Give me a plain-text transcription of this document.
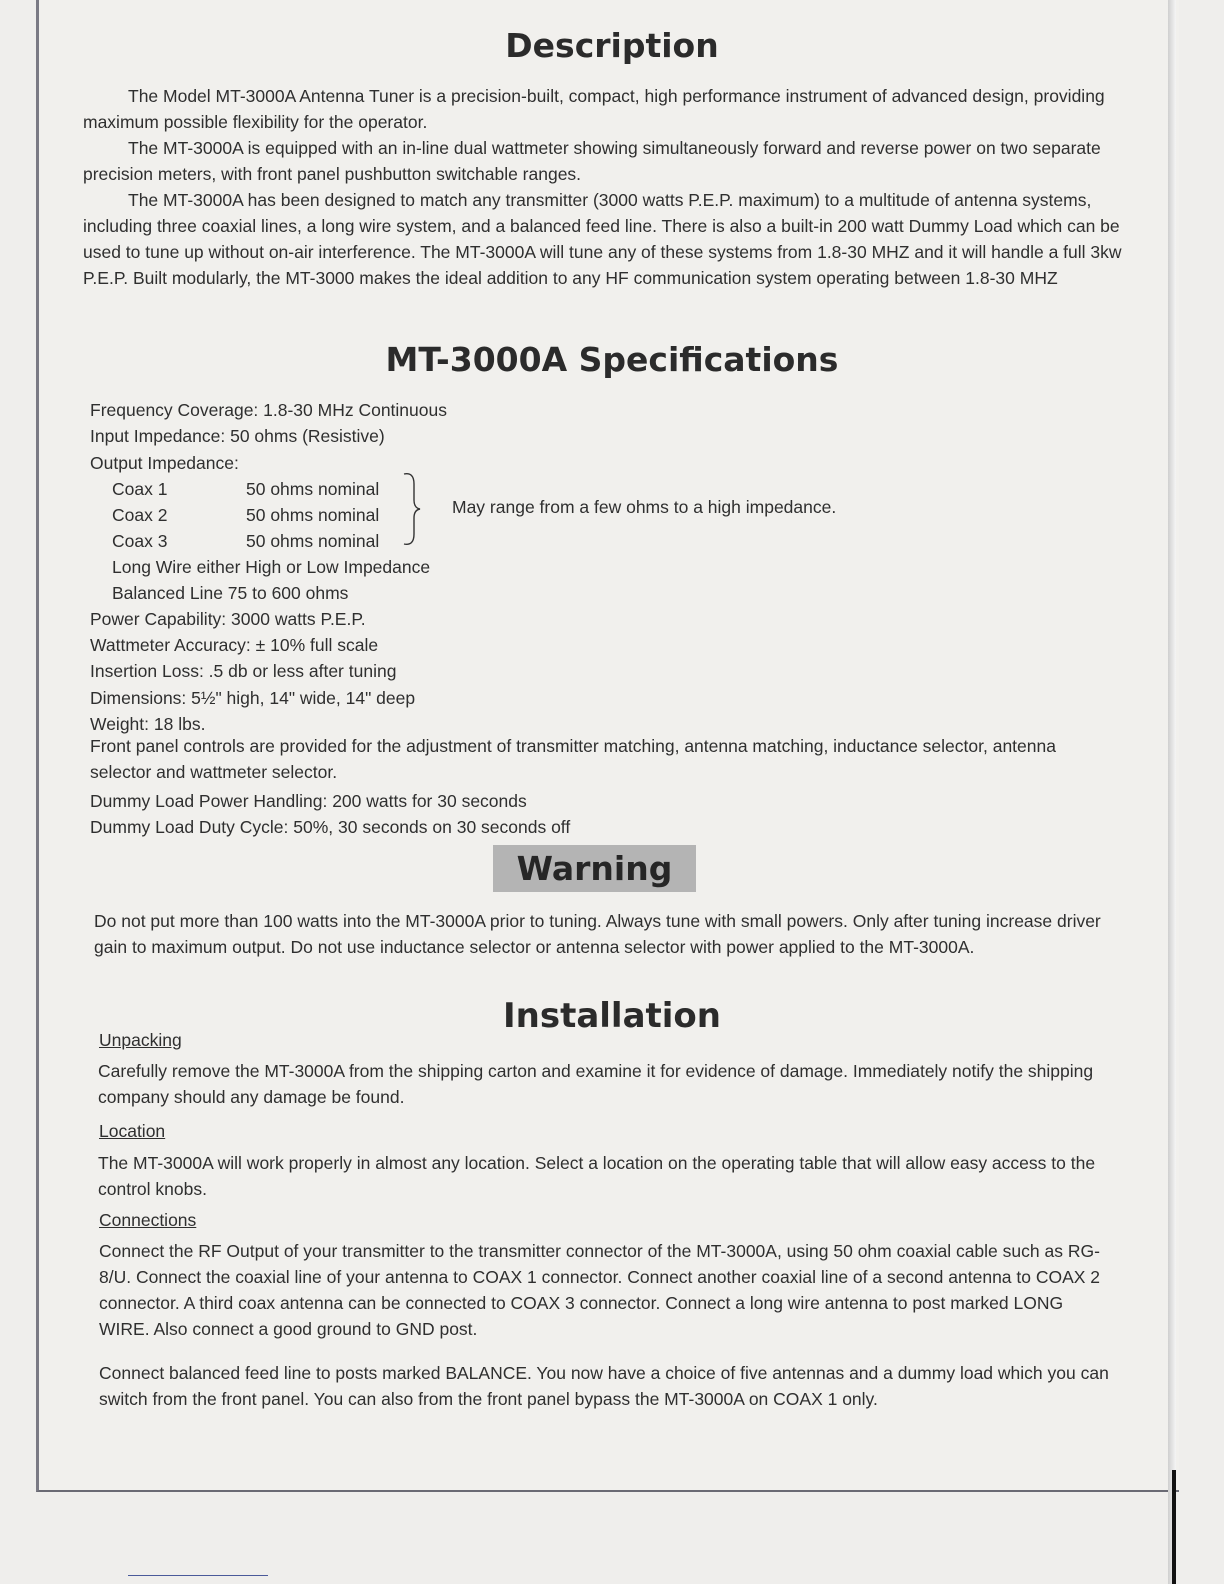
Description

The Model MT-3000A Antenna Tuner is a precision-built, compact, high performance instrument of advanced design, providing maximum possible flexibility for the operator.

The MT-3000A is equipped with an in-line dual wattmeter showing simultaneously forward and reverse power on two separate precision meters, with front panel pushbutton switchable ranges.

The MT-3000A has been designed to match any transmitter (3000 watts P.E.P. maximum) to a multitude of antenna systems, including three coaxial lines, a long wire system, and a balanced feed line. There is also a built-in 200 watt Dummy Load which can be used to tune up without on-air interference. The MT-3000A will tune any of these systems from 1.8-30 MHZ and it will handle a full 3kw P.E.P. Built modularly, the MT-3000 makes the ideal addition to any HF communication system operating between 1.8-30 MHZ

MT-3000A Specifications
Frequency Coverage: 1.8-30 MHz Continuous
Input Impedance: 50 ohms (Resistive)
Output Impedance:
Coax 1	50 ohms nominal
Coax 2	50 ohms nominal
Coax 3	50 ohms nominal
May range from a few ohms to a high impedance.
Long Wire either High or Low Impedance
Balanced Line 75 to 600 ohms
Power Capability: 3000 watts P.E.P.
Wattmeter Accuracy: ± 10% full scale
Insertion Loss: .5 db or less after tuning
Dimensions: 5½" high, 14" wide, 14" deep
Weight: 18 lbs.

Front panel controls are provided for the adjustment of transmitter matching, antenna matching, inductance selector, antenna selector and wattmeter selector.

Dummy Load Power Handling: 200 watts for 30 seconds
Dummy Load Duty Cycle: 50%, 30 seconds on 30 seconds off
Warning

Do not put more than 100 watts into the MT-3000A prior to tuning. Always tune with small powers. Only after tuning increase driver gain to maximum output. Do not use inductance selector or antenna selector with power applied to the MT-3000A.

Installation
Unpacking

Carefully remove the MT-3000A from the shipping carton and examine it for evidence of damage. Immediately notify the shipping company should any damage be found.

Location

The MT-3000A will work properly in almost any location. Select a location on the operating table that will allow easy access to the control knobs.

Connections

Connect the RF Output of your transmitter to the transmitter connector of the MT-3000A, using 50 ohm coaxial cable such as RG-8/U. Connect the coaxial line of your antenna to COAX 1 connector. Connect another coaxial line of a second antenna to COAX 2 connector. A third coax antenna can be connected to COAX 3 connector. Connect a long wire antenna to post marked LONG WIRE. Also connect a good ground to GND post.

Connect balanced feed line to posts marked BALANCE. You now have a choice of five antennas and a dummy load which you can switch from the front panel. You can also from the front panel bypass the MT-3000A on COAX 1 only.
